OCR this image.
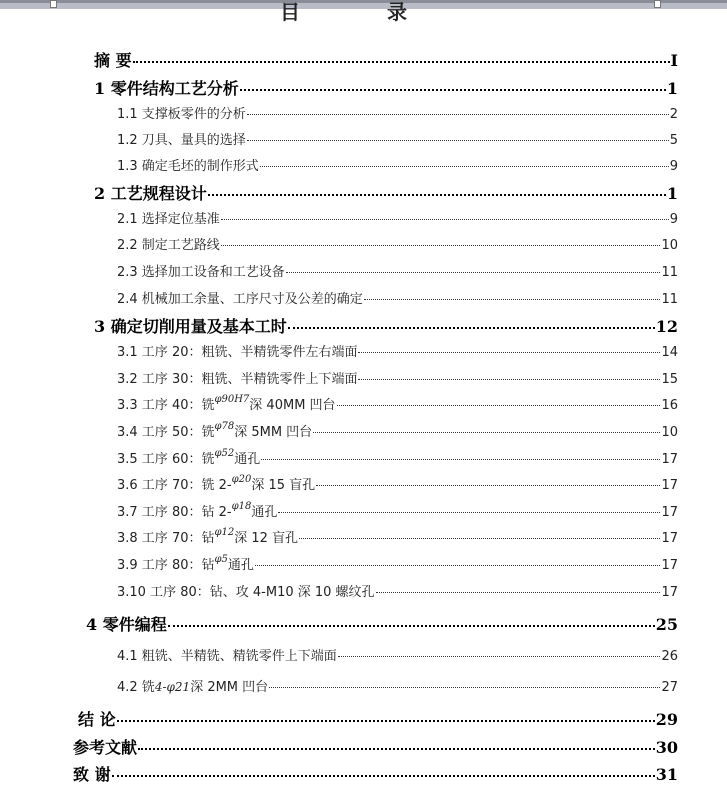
目 录
摘 要	I
1 零件结构工艺分析	1
1.1 支撑板零件的分析	2
1.2 刀具、量具的选择	5
1.3 确定毛坯的制作形式	9
2 工艺规程设计	1
2.1 选择定位基准	9
2.2 制定工艺路线	10
2.3 选择加工设备和工艺设备	11
2.4 机械加工余量、工序尺寸及公差的确定	11
3 确定切削用量及基本工时	12
3.1 工序 20：粗铣、半精铣零件左右端面	14
3.2 工序 30：粗铣、半精铣零件上下端面	15
3.3 工序 40：铣$^{\varphi 90H7}$深 40MM 凹台	16
3.4 工序 50：铣$^{\varphi 78}$深 5MM 凹台	10
3.5 工序 60：铣$^{\varphi 52}$通孔	17
3.6 工序 70：铣 2-$^{\varphi 20}$深 15 盲孔	17
3.7 工序 80：钻 2-$^{\varphi 18}$通孔	17
3.8 工序 70：钻$^{\varphi 12}$深 12 盲孔	17
3.9 工序 80：钻$^{\varphi 5}$通孔	17
3.10 工序 80：钻、攻 4-M10 深 10 螺纹孔	17
4 零件编程	25
4.1 粗铣、半精铣、精铣零件上下端面	26
4.2 铣4-φ21深 2MM 凹台	27
结 论	29
参考文献	30
致 谢	31
